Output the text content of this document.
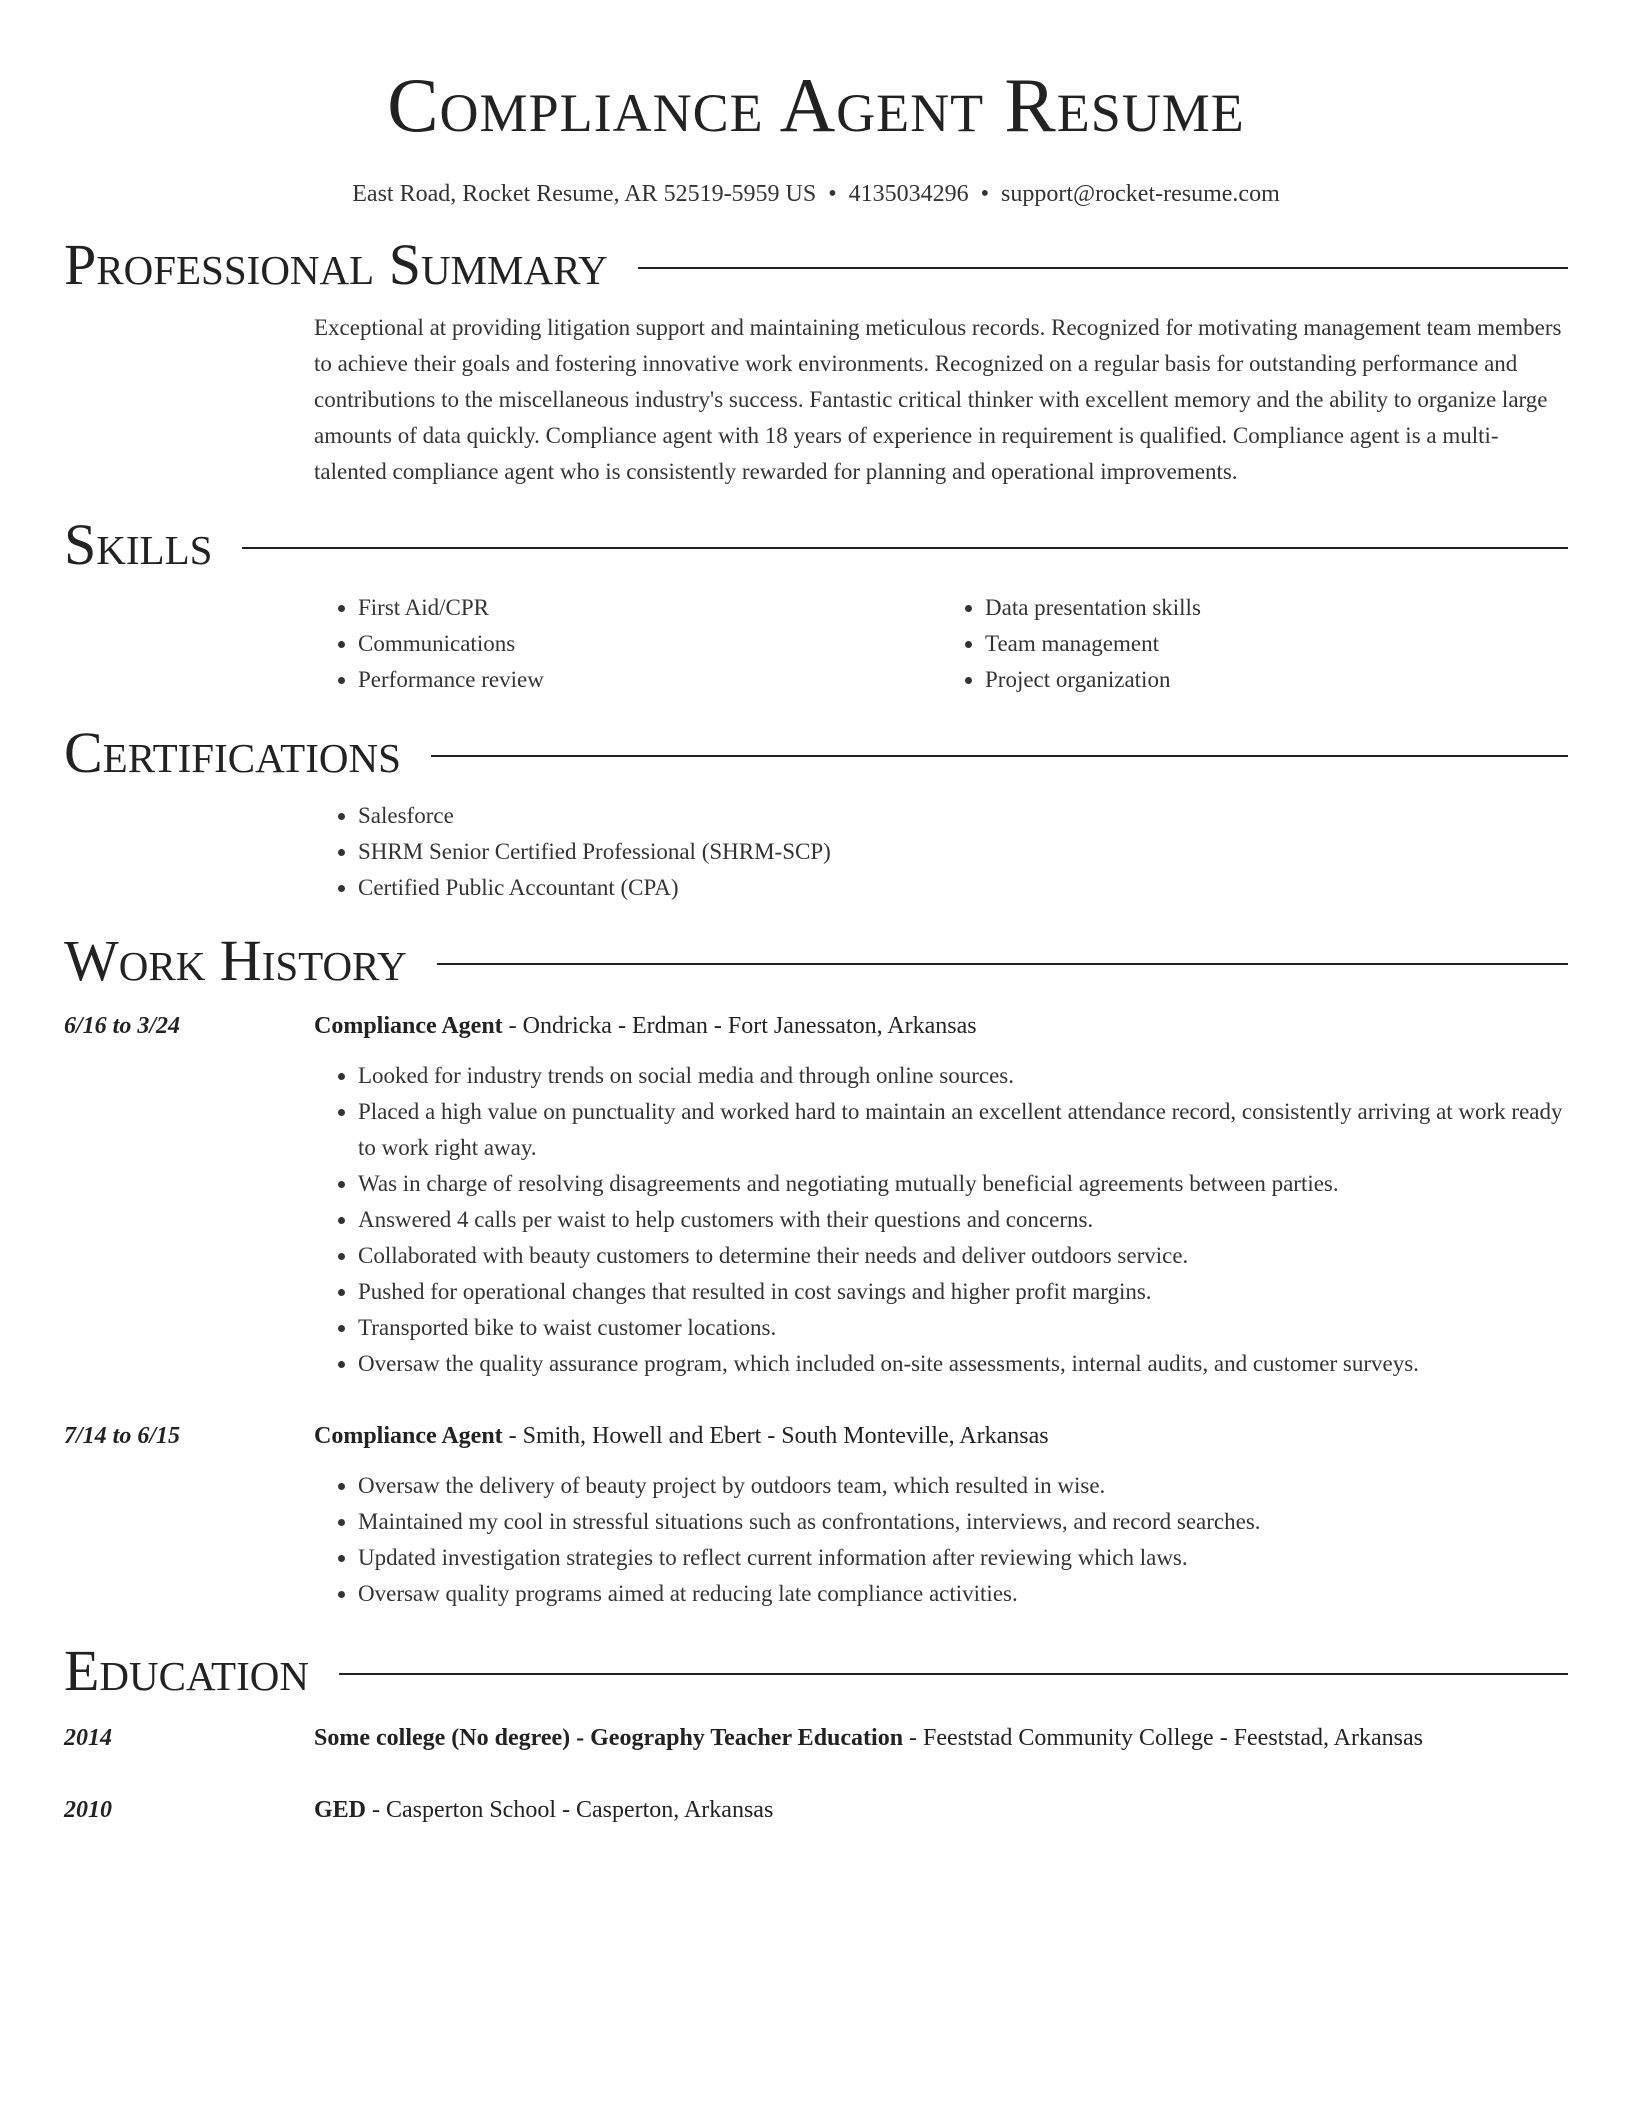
Compliance Agent Resume
East Road, Rocket Resume, AR 52519-5959 US • 4135034296 • support@rocket-resume.com
Professional Summary

Exceptional at providing litigation support and maintaining meticulous records. Recognized for motivating management team members to achieve their goals and fostering innovative work environments. Recognized on a regular basis for outstanding performance and contributions to the miscellaneous industry's success. Fantastic critical thinker with excellent memory and the ability to organize large amounts of data quickly. Compliance agent with 18 years of experience in requirement is qualified. Compliance agent is a multi-talented compliance agent who is consistently rewarded for planning and operational improvements.

Skills
• First Aid/CPR
• Communications
• Performance review
• Data presentation skills
• Team management
• Project organization
Certifications
• Salesforce
• SHRM Senior Certified Professional (SHRM-SCP)
• Certified Public Accountant (CPA)
Work History
6/16 to 3/24	Compliance Agent - Ondricka - Erdman - Fort Janessaton, Arkansas
• Looked for industry trends on social media and through online sources.
• Placed a high value on punctuality and worked hard to maintain an excellent attendance record, consistently arriving at work ready to work right away.
• Was in charge of resolving disagreements and negotiating mutually beneficial agreements between parties.
• Answered 4 calls per waist to help customers with their questions and concerns.
• Collaborated with beauty customers to determine their needs and deliver outdoors service.
• Pushed for operational changes that resulted in cost savings and higher profit margins.
• Transported bike to waist customer locations.
• Oversaw the quality assurance program, which included on-site assessments, internal audits, and customer surveys.
7/14 to 6/15	Compliance Agent - Smith, Howell and Ebert - South Monteville, Arkansas
• Oversaw the delivery of beauty project by outdoors team, which resulted in wise.
• Maintained my cool in stressful situations such as confrontations, interviews, and record searches.
• Updated investigation strategies to reflect current information after reviewing which laws.
• Oversaw quality programs aimed at reducing late compliance activities.
Education
2014	Some college (No degree) - Geography Teacher Education - Feeststad Community College - Feeststad, Arkansas
2010	GED - Casperton School - Casperton, Arkansas
